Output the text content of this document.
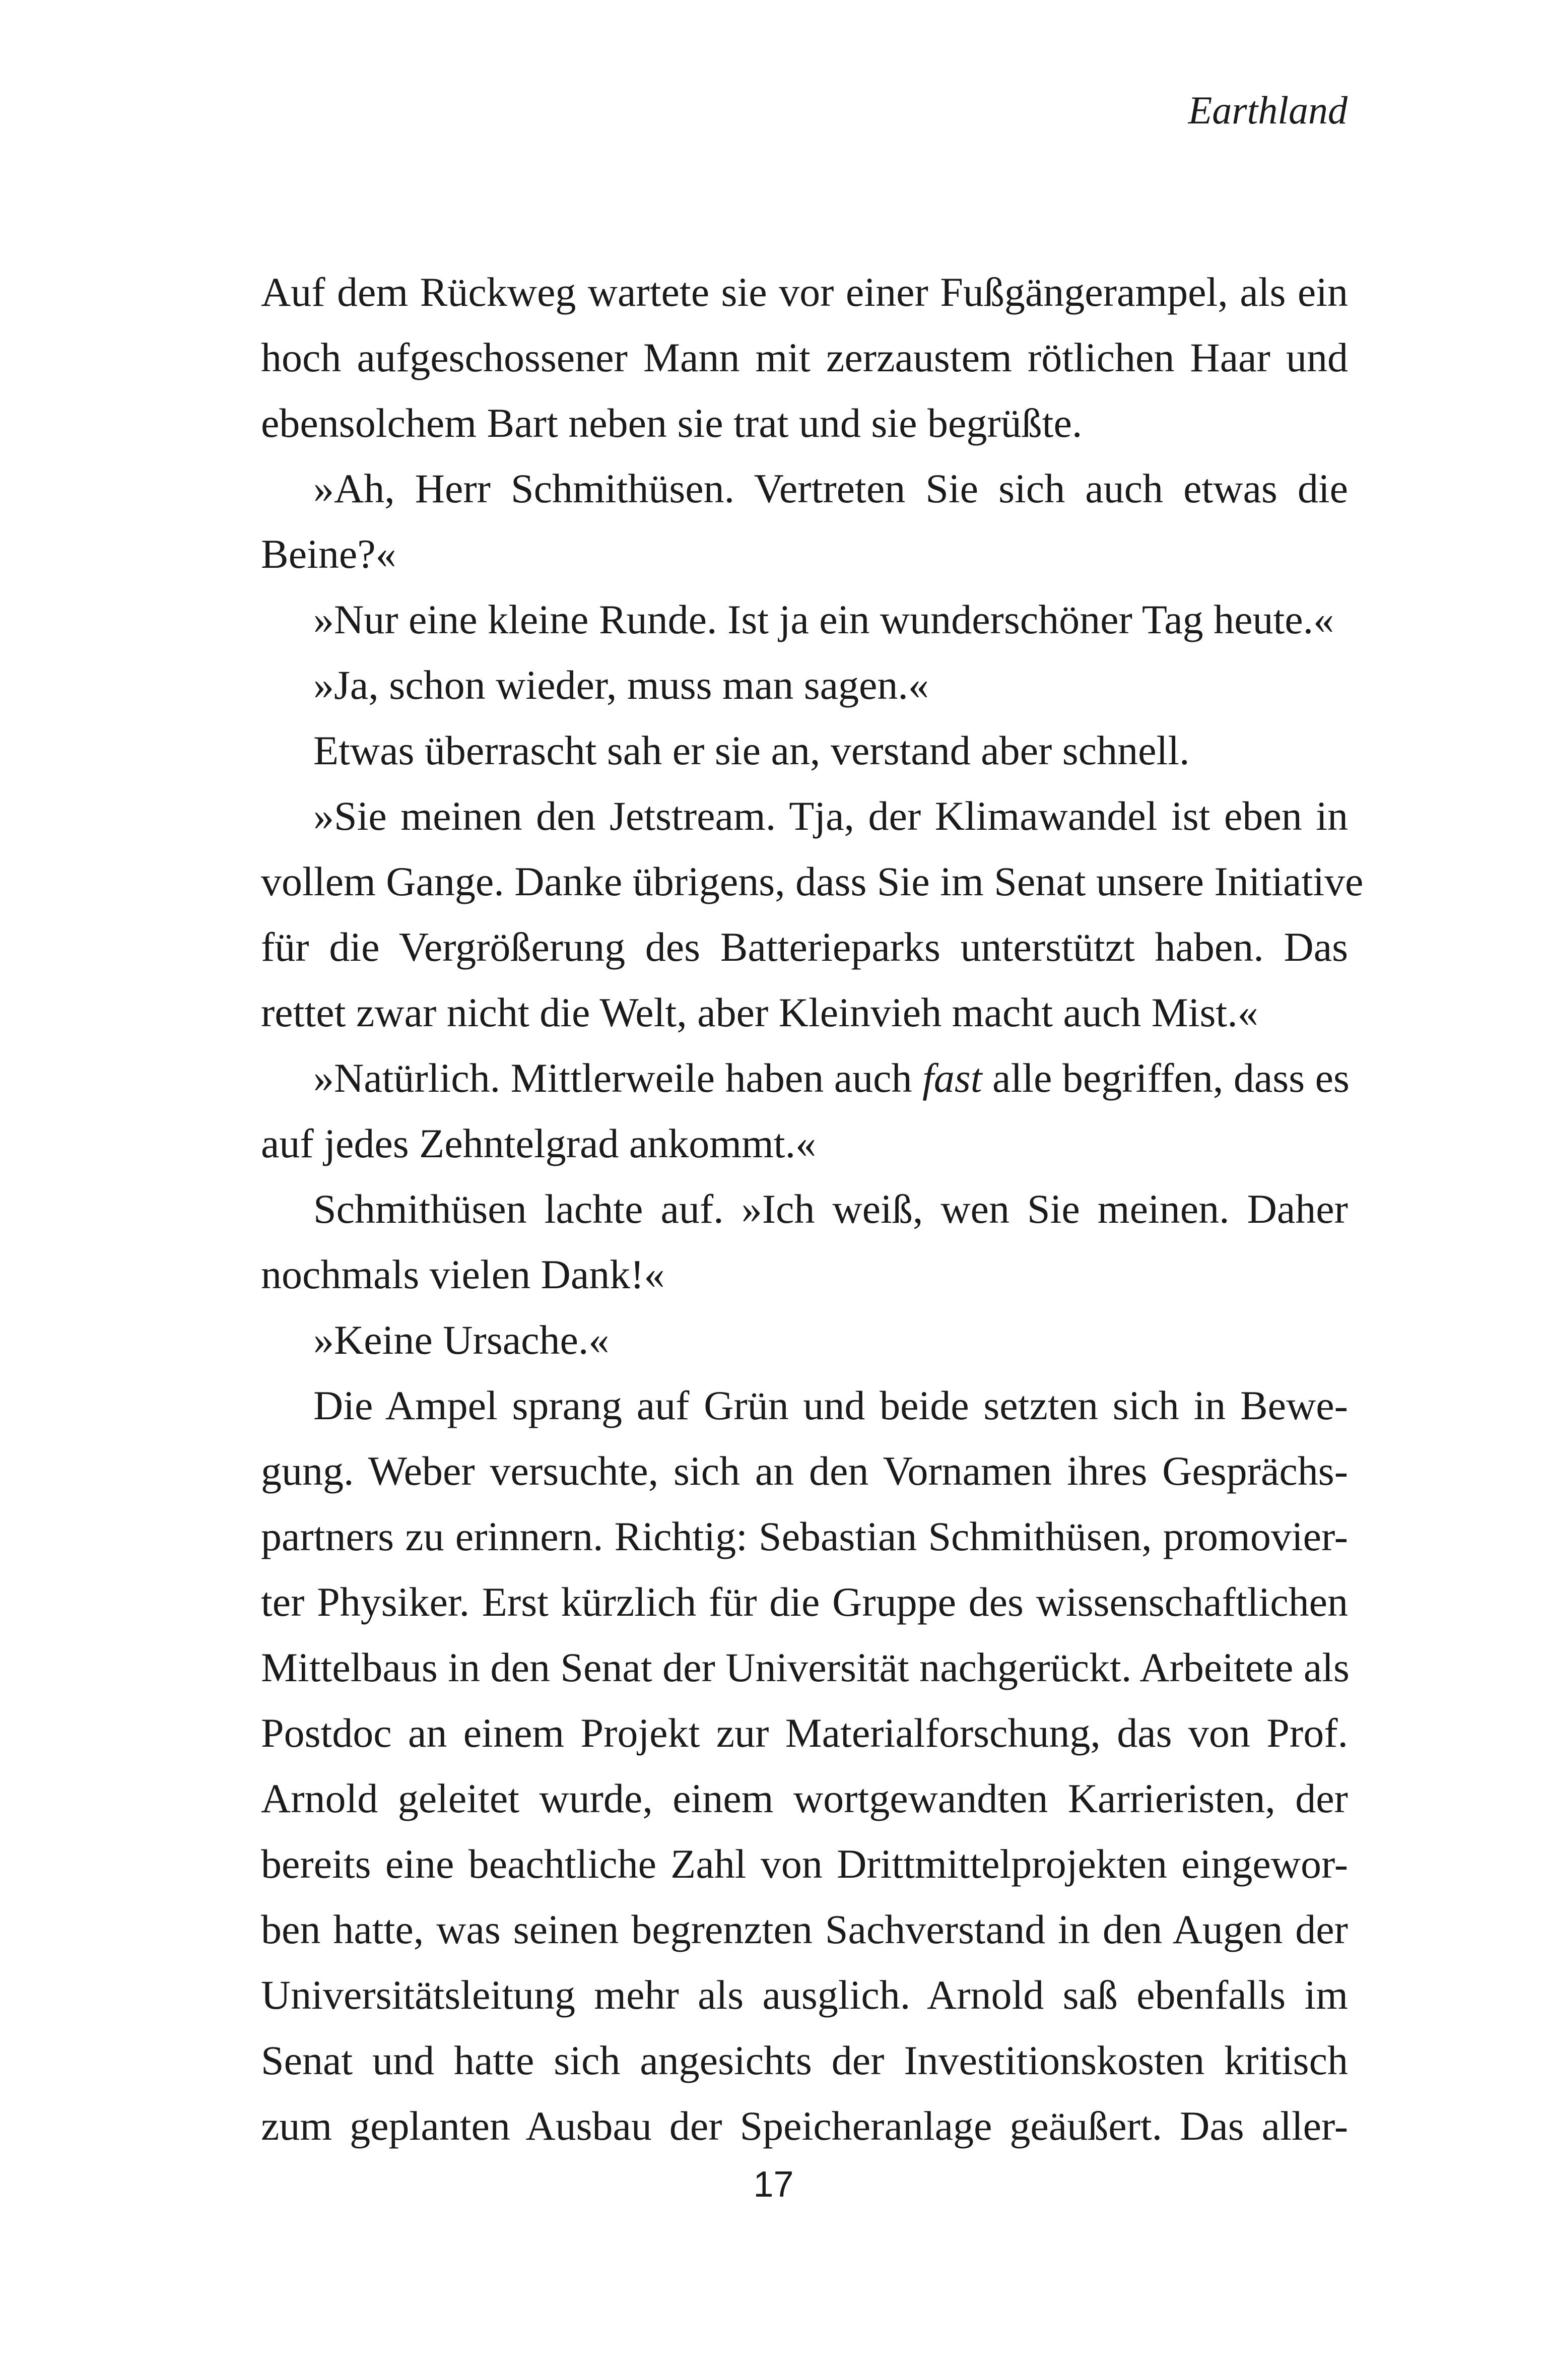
Earthland
Auf dem Rückweg wartete sie vor einer Fußgängerampel, als ein
hoch aufgeschossener Mann mit zerzaustem rötlichen Haar und
ebensolchem Bart neben sie trat und sie begrüßte.
»Ah, Herr Schmithüsen. Vertreten Sie sich auch etwas die
Beine?«
»Nur eine kleine Runde. Ist ja ein wunderschöner Tag heute.«
»Ja, schon wieder, muss man sagen.«
Etwas überrascht sah er sie an, verstand aber schnell.
»Sie meinen den Jetstream. Tja, der Klimawandel ist eben in
vollem Gange. Danke übrigens, dass Sie im Senat unsere Initiative
für die Vergrößerung des Batterieparks unterstützt haben. Das
rettet zwar nicht die Welt, aber Kleinvieh macht auch Mist.«
»Natürlich. Mittlerweile haben auch fast alle begriffen, dass es
auf jedes Zehntelgrad ankommt.«
Schmithüsen lachte auf. »Ich weiß, wen Sie meinen. Daher
nochmals vielen Dank!«
»Keine Ursache.«
Die Ampel sprang auf Grün und beide setzten sich in Bewe-
gung. Weber versuchte, sich an den Vornamen ihres Gesprächs-
partners zu erinnern. Richtig: Sebastian Schmithüsen, promovier-
ter Physiker. Erst kürzlich für die Gruppe des wissenschaftlichen
Mittelbaus in den Senat der Universität nachgerückt. Arbeitete als
Postdoc an einem Projekt zur Materialforschung, das von Prof.
Arnold geleitet wurde, einem wortgewandten Karrieristen, der
bereits eine beachtliche Zahl von Drittmittelprojekten eingewor-
ben hatte, was seinen begrenzten Sachverstand in den Augen der
Universitätsleitung mehr als ausglich. Arnold saß ebenfalls im
Senat und hatte sich angesichts der Investitionskosten kritisch
zum geplanten Ausbau der Speicheranlage geäußert. Das aller-
17
